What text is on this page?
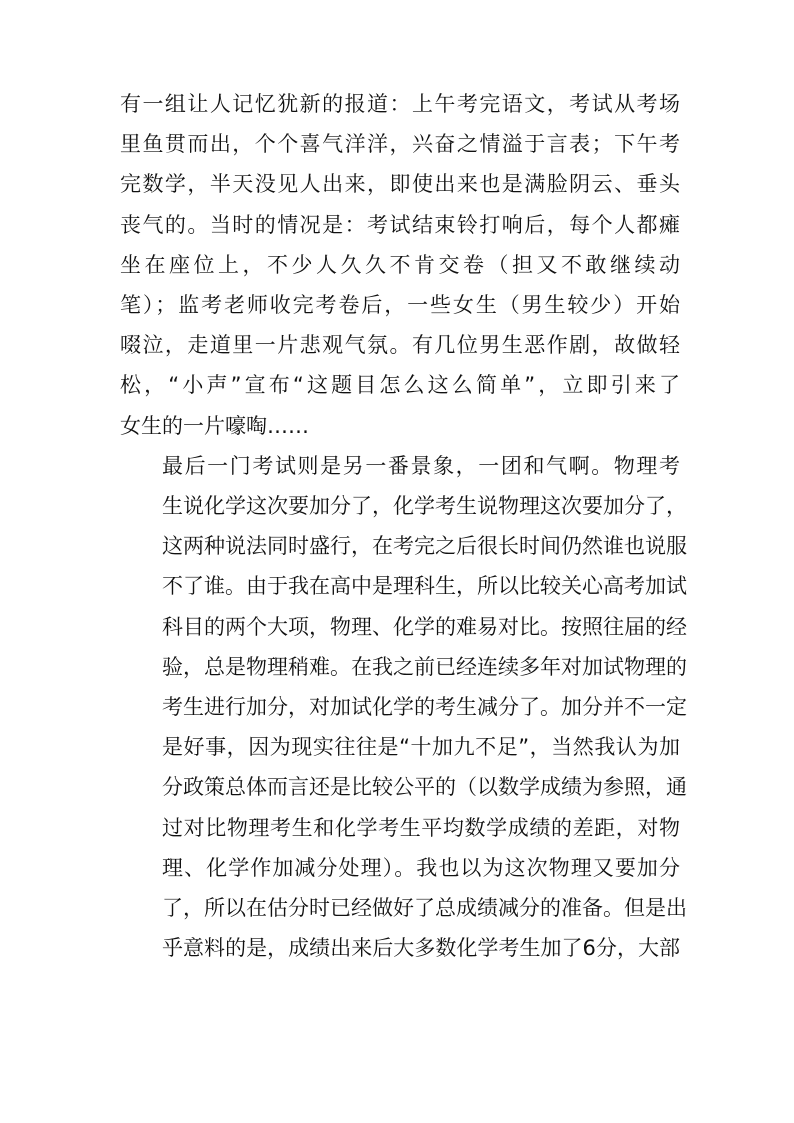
有一组让人记忆犹新的报道：上午考完语文，考试从考场
里鱼贯而出，个个喜气洋洋，兴奋之情溢于言表；下午考
完数学，半天没见人出来，即使出来也是满脸阴云、垂头
丧气的。当时的情况是：考试结束铃打响后，每个人都瘫
坐在座位上，不少人久久不肯交卷（担又不敢继续动
笔）；监考老师收完考卷后，一些女生（男生较少）开始
啜泣，走道里一片悲观气氛。有几位男生恶作剧，故做轻
松，“小声”宣布“这题目怎么这么简单”，立即引来了
女生的一片嚎啕……
最后一门考试则是另一番景象，一团和气啊。物理考
生说化学这次要加分了，化学考生说物理这次要加分了，
这两种说法同时盛行，在考完之后很长时间仍然谁也说服
不了谁。由于我在高中是理科生，所以比较关心高考加试
科目的两个大项，物理、化学的难易对比。按照往届的经
验，总是物理稍难。在我之前已经连续多年对加试物理的
考生进行加分，对加试化学的考生减分了。加分并不一定
是好事，因为现实往往是“十加九不足”，当然我认为加
分政策总体而言还是比较公平的（以数学成绩为参照，通
过对比物理考生和化学考生平均数学成绩的差距，对物
理、化学作加减分处理）。我也以为这次物理又要加分
了，所以在估分时已经做好了总成绩减分的准备。但是出
乎意料的是，成绩出来后大多数化学考生加了6分，大部
